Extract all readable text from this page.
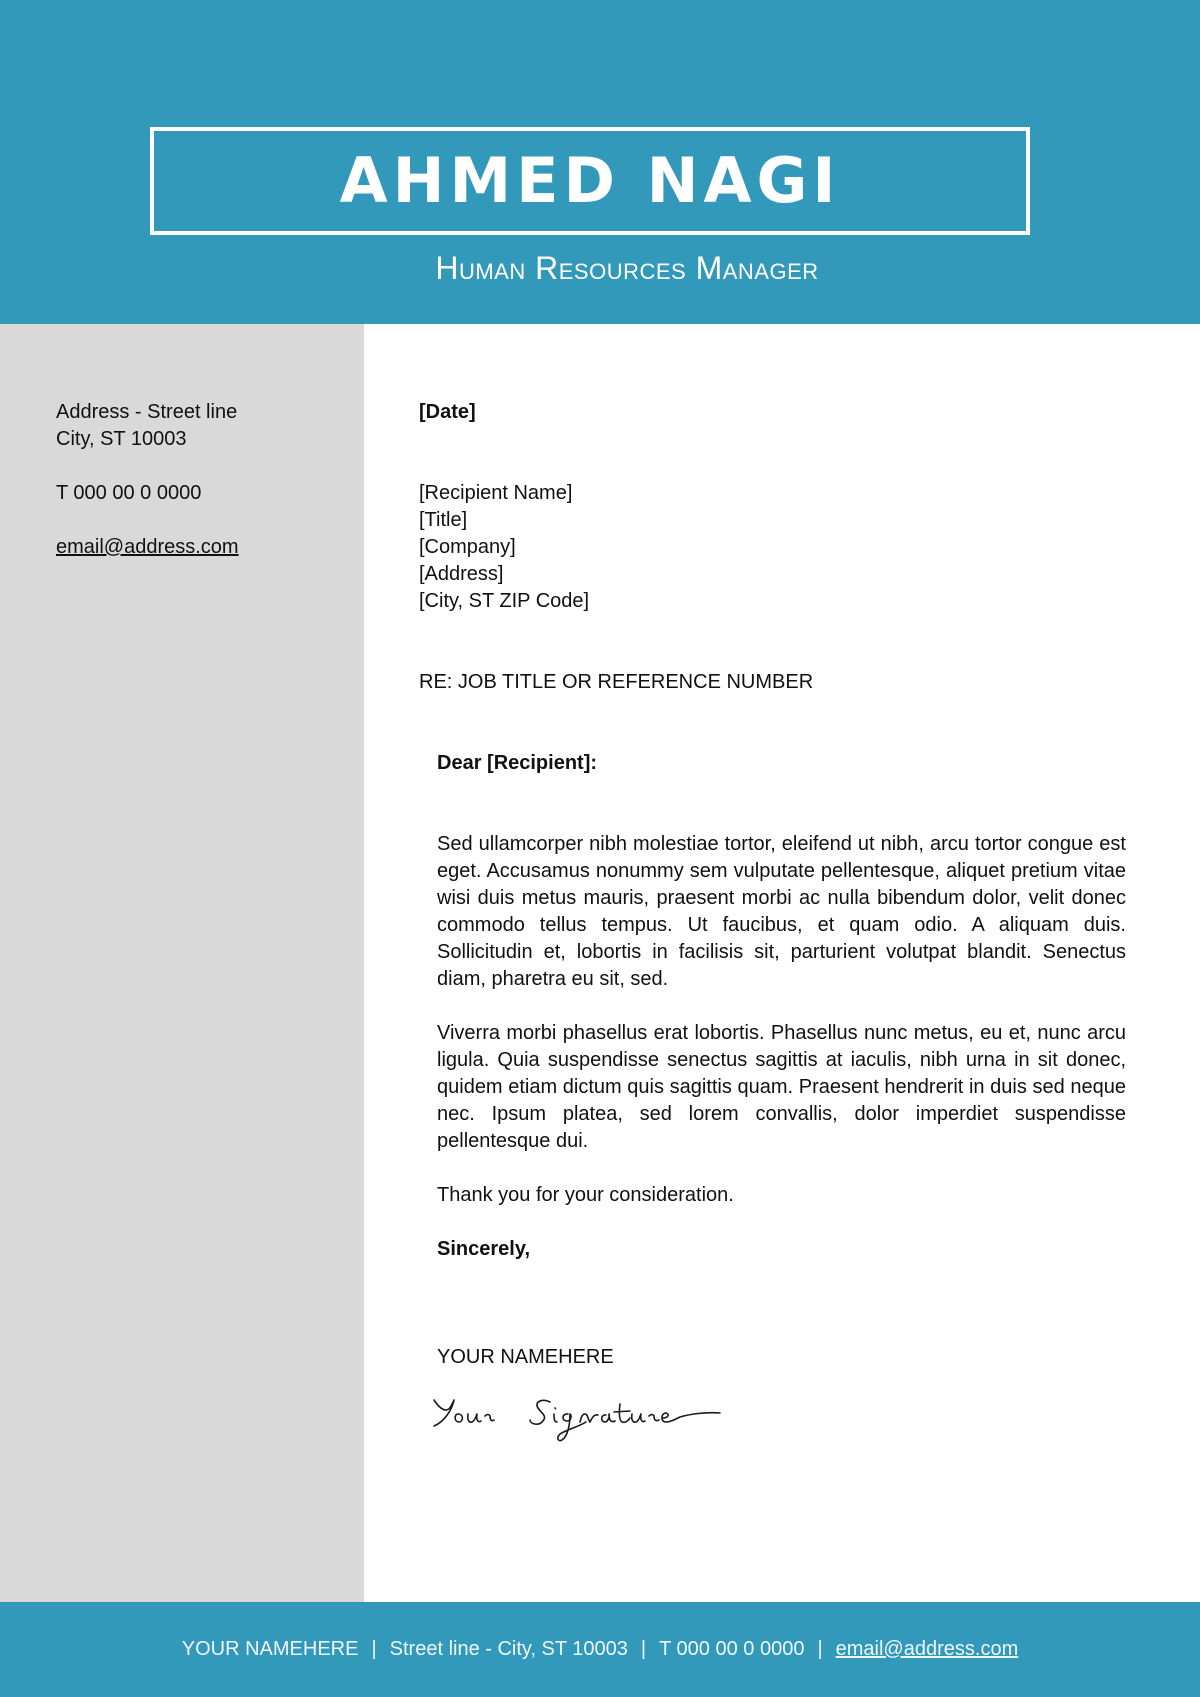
AHMED NAGI

Human Resources Manager

Address - Street line
City, ST 10003
T 000 00 0 0000
email@address.com
[Date]
[Recipient Name]
[Title]
[Company]
[Address]
[City, ST ZIP Code]
RE: JOB TITLE OR REFERENCE NUMBER
Dear [Recipient]:

Sed ullamcorper nibh molestiae tortor, eleifend ut nibh, arcu tortor congue est eget. Accusamus nonummy sem vulputate pellentesque, aliquet pretium vitae wisi duis metus mauris, praesent morbi ac nulla bibendum dolor, velit donec commodo tellus tempus. Ut faucibus, et quam odio. A aliquam duis. Sollicitudin et, lobortis in facilisis sit, parturient volutpat blandit. Senectus diam, pharetra eu sit, sed.

Viverra morbi phasellus erat lobortis. Phasellus nunc metus, eu et, nunc arcu ligula. Quia suspendisse senectus sagittis at iaculis, nibh urna in sit donec, quidem etiam dictum quis sagittis quam. Praesent hendrerit in duis sed neque nec. Ipsum platea, sed lorem convallis, dolor imperdiet suspendisse pellentesque dui.

Thank you for your consideration.
Sincerely,
YOUR NAMEHERE
YOUR NAMEHERE | Street line - City, ST 10003 | T 000 00 0 0000 | email@address.com
